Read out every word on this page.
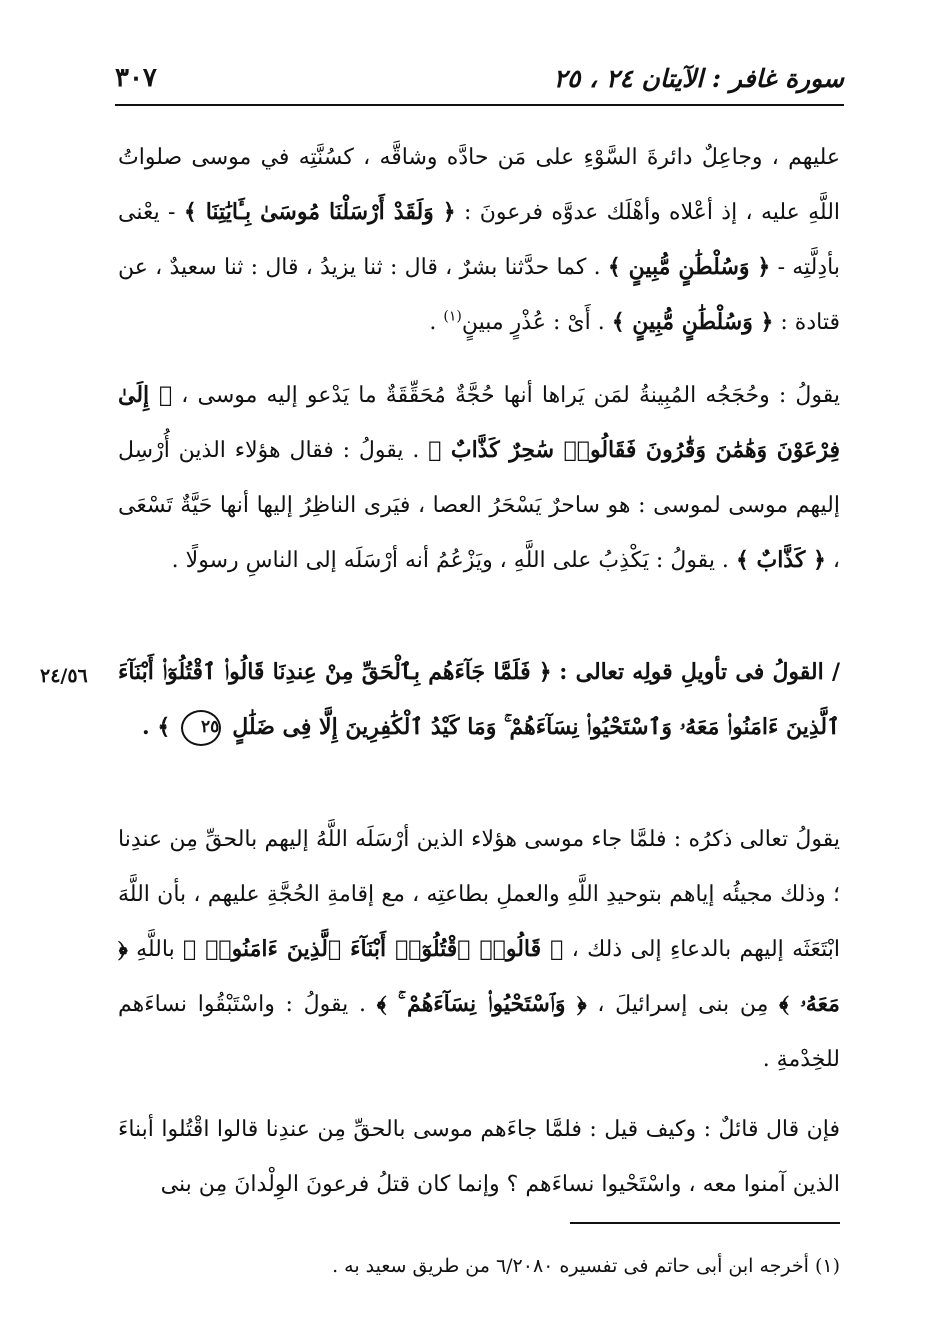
سورة غافر : الآيتان ٢٤ ، ٢٥
٣٠٧

عليهم ، وجاعِلٌ دائرةَ السَّوْءِ على مَن حادَّه وشاقَّه ، كسُنَّتِه في موسى صلواتُ اللَّهِ عليه ، إذ أعْلاه وأهْلَك عدوَّه فرعونَ : ﴿ وَلَقَدْ أَرْسَلْنَا مُوسَىٰ بِـَٔايَٰتِنَا ﴾ - يعْنى بأدِلَّتِه - ﴿ وَسُلْطَٰنٍ مُّبِينٍ ﴾ . كما حدَّثنا بشرٌ ، قال : ثنا يزيدُ ، قال : ثنا سعيدٌ ، عن قتادة : ﴿ وَسُلْطَٰنٍ مُّبِينٍ ﴾ . أَىْ : عُذْرٍ مبينٍ$^{(١)}$ .

يقولُ : وحُجَجُه المُبِينةُ لمَن يَراها أنها حُجَّةٌ مُحَقِّقَةٌ ما يَدْعو إليه موسى ، ﴿ إِلَىٰ فِرْعَوْنَ وَهَٰمَٰنَ وَقَٰرُونَ فَقَالُوا۟ سَٰحِرٌ كَذَّابٌ ﴾ . يقولُ : فقال هؤلاء الذين أُرْسِل إليهم موسى لموسى : هو ساحرٌ يَسْحَرُ العصا ، فيَرى الناظِرُ إليها أنها حَيَّةٌ تَسْعَى ، ﴿ كَذَّابٌ ﴾ . يقولُ : يَكْذِبُ على اللَّهِ ، ويَزْعُمُ أنه أرْسَلَه إلى الناسِ رسولًا .

٢٤/٥٦	/ القولُ فى تأويلِ قولِه تعالى : ﴿ فَلَمَّا جَآءَهُم بِٱلْحَقِّ مِنْ عِندِنَا قَالُوا۟ ٱقْتُلُوٓا۟ أَبْنَآءَ ٱلَّذِينَ ءَامَنُوا۟ مَعَهُۥ وَٱسْتَحْيُوا۟ نِسَآءَهُمْ ۚ وَمَا كَيْدُ ٱلْكَٰفِرِينَ إِلَّا فِى ضَلَٰلٍ ٢٥ ﴾ .

يقولُ تعالى ذكرُه : فلمَّا جاء موسى هؤلاء الذين أرْسَلَه اللَّهُ إليهم بالحقِّ مِن عندِنا ؛ وذلك مجيئُه إياهم بتوحيدِ اللَّهِ والعملِ بطاعتِه ، مع إقامةِ الحُجَّةِ عليهم ، بأن اللَّهَ ابْتَعَثَه إليهم بالدعاءِ إلى ذلك ، ﴿ قَالُوا۟ ٱقْتُلُوٓا۟ أَبْنَآءَ ٱلَّذِينَ ءَامَنُوا۟ ﴾ باللَّهِ ﴿ مَعَهُۥ ﴾ مِن بنى إسرائيلَ ، ﴿ وَٱسْتَحْيُوا۟ نِسَآءَهُمْ ۚ ﴾ . يقولُ : واسْتَبْقُوا نساءَهم للخِدْمةِ .

فإن قال قائلٌ : وكيف قيل : فلمَّا جاءَهم موسى بالحقِّ مِن عندِنا قالوا اقْتُلوا أبناءَ الذين آمنوا معه ، واسْتَحْيوا نساءَهم ؟ وإنما كان قتلُ فرعونَ الوِلْدانَ مِن بنى

(١) أخرجه ابن أبى حاتم فى تفسيره ٦/٢٠٨٠ من طريق سعيد به .
